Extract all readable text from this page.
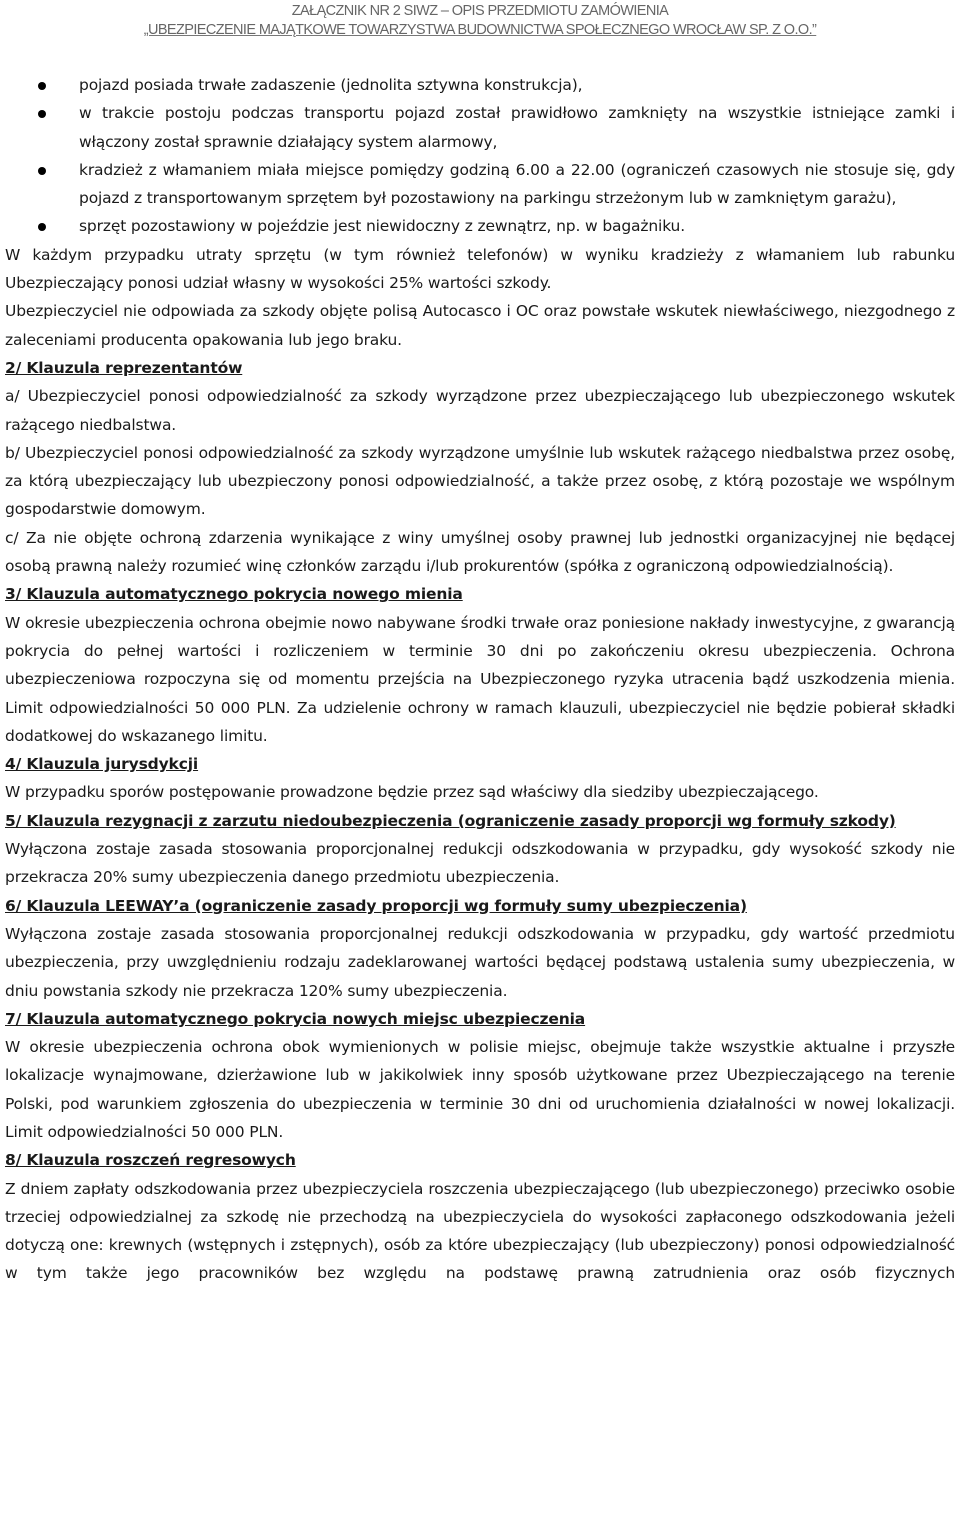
ZAŁĄCZNIK NR 2 SIWZ – OPIS PRZEDMIOTU ZAMÓWIENIA
„UBEZPIECZENIE MAJĄTKOWE TOWARZYSTWA BUDOWNICTWA SPOŁECZNEGO WROCŁAW SP. Z O.O.”
pojazd posiada trwałe zadaszenie (jednolita sztywna konstrukcja),
w trakcie postoju podczas transportu pojazd został prawidłowo zamknięty na wszystkie istniejące zamki i włączony został sprawnie działający system alarmowy,
kradzież z włamaniem miała miejsce pomiędzy godziną 6.00 a 22.00 (ograniczeń czasowych nie stosuje się, gdy pojazd z transportowanym sprzętem był pozostawiony na parkingu strzeżonym lub w zamkniętym garażu),
sprzęt pozostawiony w pojeździe jest niewidoczny z zewnątrz, np. w bagażniku.

W każdym przypadku utraty sprzętu (w tym również telefonów) w wyniku kradzieży z włamaniem lub rabunku Ubezpieczający ponosi udział własny w wysokości 25% wartości szkody.

Ubezpieczyciel nie odpowiada za szkody objęte polisą Autocasco i OC oraz powstałe wskutek niewłaściwego, niezgodnego z zaleceniami producenta opakowania lub jego braku.

2/ Klauzula reprezentantów

a/ Ubezpieczyciel ponosi odpowiedzialność za szkody wyrządzone przez ubezpieczającego lub ubezpieczonego wskutek rażącego niedbalstwa.

b/ Ubezpieczyciel ponosi odpowiedzialność za szkody wyrządzone umyślnie lub wskutek rażącego niedbalstwa przez osobę, za którą ubezpieczający lub ubezpieczony ponosi odpowiedzialność, a także przez osobę, z którą pozostaje we wspólnym gospodarstwie domowym.

c/ Za nie objęte ochroną zdarzenia wynikające z winy umyślnej osoby prawnej lub jednostki organizacyjnej nie będącej osobą prawną należy rozumieć winę członków zarządu i/lub prokurentów (spółka z ograniczoną odpowiedzialnością).

3/ Klauzula automatycznego pokrycia nowego mienia

W okresie ubezpieczenia ochrona obejmie nowo nabywane środki trwałe oraz poniesione nakłady inwestycyjne, z gwarancją pokrycia do pełnej wartości i rozliczeniem w terminie 30 dni po zakończeniu okresu ubezpieczenia. Ochrona ubezpieczeniowa rozpoczyna się od momentu przejścia na Ubezpieczonego ryzyka utracenia bądź uszkodzenia mienia. Limit odpowiedzialności 50 000 PLN. Za udzielenie ochrony w ramach klauzuli, ubezpieczyciel nie będzie pobierał składki dodatkowej do wskazanego limitu.

4/ Klauzula jurysdykcji

W przypadku sporów postępowanie prowadzone będzie przez sąd właściwy dla siedziby ubezpieczającego.

5/ Klauzula rezygnacji z zarzutu niedoubezpieczenia (ograniczenie zasady proporcji wg formuły szkody)

Wyłączona zostaje zasada stosowania proporcjonalnej redukcji odszkodowania w przypadku, gdy wysokość szkody nie przekracza 20% sumy ubezpieczenia danego przedmiotu ubezpieczenia.

6/ Klauzula LEEWAY’a (ograniczenie zasady proporcji wg formuły sumy ubezpieczenia)

Wyłączona zostaje zasada stosowania proporcjonalnej redukcji odszkodowania w przypadku, gdy wartość przedmiotu ubezpieczenia, przy uwzględnieniu rodzaju zadeklarowanej wartości będącej podstawą ustalenia sumy ubezpieczenia, w dniu powstania szkody nie przekracza 120% sumy ubezpieczenia.

7/ Klauzula automatycznego pokrycia nowych miejsc ubezpieczenia

W okresie ubezpieczenia ochrona obok wymienionych w polisie miejsc, obejmuje także wszystkie aktualne i przyszłe lokalizacje wynajmowane, dzierżawione lub w jakikolwiek inny sposób użytkowane przez Ubezpieczającego na terenie Polski, pod warunkiem zgłoszenia do ubezpieczenia w terminie 30 dni od uruchomienia działalności w nowej lokalizacji. Limit odpowiedzialności 50 000 PLN.

8/ Klauzula roszczeń regresowych

Z dniem zapłaty odszkodowania przez ubezpieczyciela roszczenia ubezpieczającego (lub ubezpieczonego) przeciwko osobie trzeciej odpowiedzialnej za szkodę nie przechodzą na ubezpieczyciela do wysokości zapłaconego odszkodowania jeżeli dotyczą one: krewnych (wstępnych i zstępnych), osób za które ubezpieczający (lub ubezpieczony) ponosi odpowiedzialność w tym także jego pracowników bez względu na podstawę prawną zatrudnienia oraz osób fizycznych
